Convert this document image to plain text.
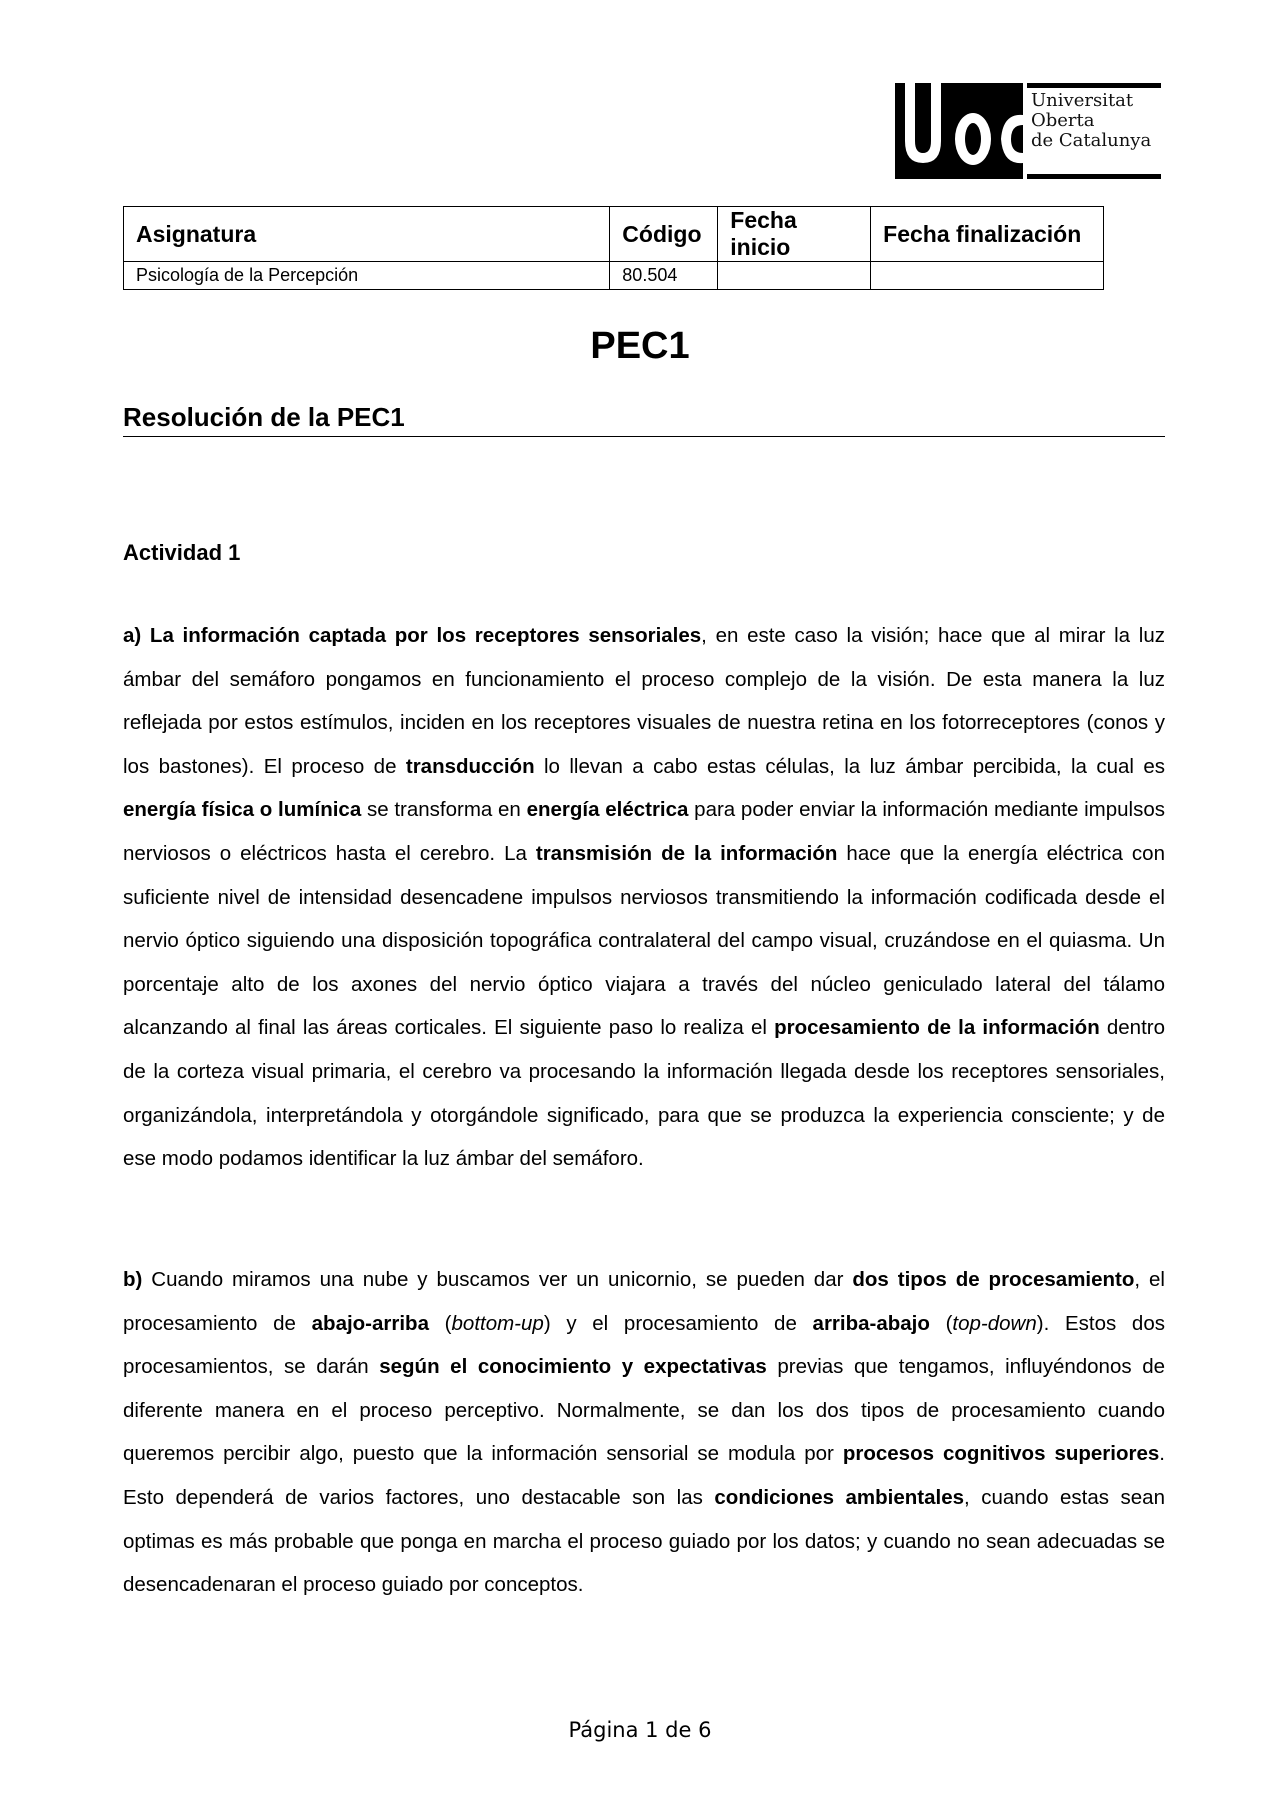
Universitat
Oberta
de Catalunya
Asignatura	Código	Fecha inicio	Fecha finalización
Psicología de la Percepción	80.504		
PEC1
Resolución de la PEC1
Actividad 1

a) La información captada por los receptores sensoriales, en este caso la visión; hace que al mirar la luz ámbar del semáforo pongamos en funcionamiento el proceso complejo de la visión. De esta manera la luz reflejada por estos estímulos, inciden en los receptores visuales de nuestra retina en los fotorreceptores (conos y los bastones). El proceso de transducción lo llevan a cabo estas células, la luz ámbar percibida, la cual es energía física o lumínica se transforma en energía eléctrica para poder enviar la información mediante impulsos nerviosos o eléctricos hasta el cerebro. La transmisión de la información hace que la energía eléctrica con suficiente nivel de intensidad desencadene impulsos nerviosos transmitiendo la información codificada desde el nervio óptico siguiendo una disposición topográfica contralateral del campo visual, cruzándose en el quiasma. Un porcentaje alto de los axones del nervio óptico viajara a través del núcleo geniculado lateral del tálamo alcanzando al final las áreas corticales. El siguiente paso lo realiza el procesamiento de la información dentro de la corteza visual primaria, el cerebro va procesando la información llegada desde los receptores sensoriales, organizándola, interpretándola y otorgándole significado, para que se produzca la experiencia consciente; y de ese modo podamos identificar la luz ámbar del semáforo.

b) Cuando miramos una nube y buscamos ver un unicornio, se pueden dar dos tipos de procesamiento, el procesamiento de abajo-arriba (bottom-up) y el procesamiento de arriba-abajo (top-down). Estos dos procesamientos, se darán según el conocimiento y expectativas previas que tengamos, influyéndonos de diferente manera en el proceso perceptivo. Normalmente, se dan los dos tipos de procesamiento cuando queremos percibir algo, puesto que la información sensorial se modula por procesos cognitivos superiores. Esto dependerá de varios factores, uno destacable son las condiciones ambientales, cuando estas sean optimas es más probable que ponga en marcha el proceso guiado por los datos; y cuando no sean adecuadas se desencadenaran el proceso guiado por conceptos.

Página 1 de 6
